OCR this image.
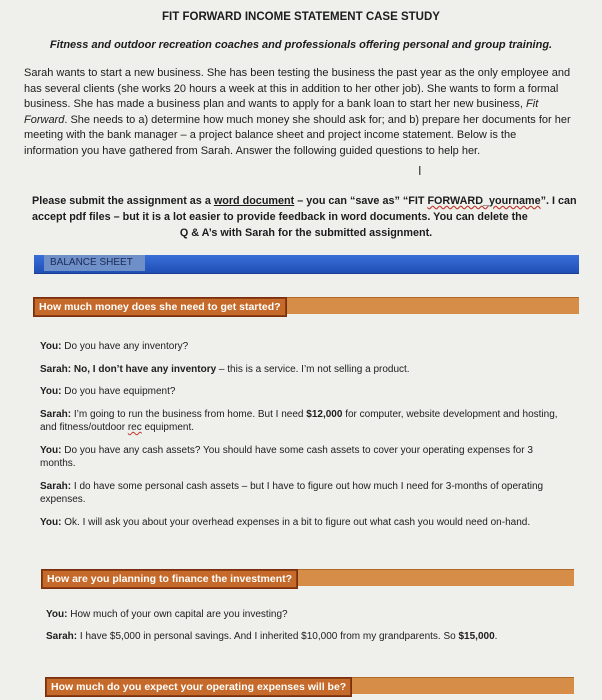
FIT FORWARD INCOME STATEMENT CASE STUDY
Fitness and outdoor recreation coaches and professionals offering personal and group training.

Sarah wants to start a new business. She has been testing the business the past year as the only employee and has several clients (she works 20 hours a week at this in addition to her other job). She wants to form a formal business. She has made a business plan and wants to apply for a bank loan to start her new business, Fit Forward. She needs to a) determine how much money she should ask for; and b) prepare her documents for her meeting with the bank manager – a project balance sheet and project income statement. Below is the information you have gathered from Sarah. Answer the following guided questions to help her.

I
Please submit the assignment as a word document – you can “save as” “FIT FORWARD_yourname”. I can accept pdf files – but it is a lot easier to provide feedback in word documents. You can delete the
Q & A’s with Sarah for the submitted assignment.
BALANCE SHEET
How much money does she need to get started?

You: Do you have any inventory?

Sarah: No, I don’t have any inventory – this is a service. I’m not selling a product.

You: Do you have equipment?

Sarah: I’m going to run the business from home. But I need $12,000 for computer, website development and hosting, and fitness/outdoor rec equipment.

You: Do you have any cash assets? You should have some cash assets to cover your operating expenses for 3 months.

Sarah: I do have some personal cash assets – but I have to figure out how much I need for 3-months of operating expenses.

You: Ok. I will ask you about your overhead expenses in a bit to figure out what cash you would need on-hand.

How are you planning to finance the investment?

You: How much of your own capital are you investing?

Sarah: I have $5,000 in personal savings. And I inherited $10,000 from my grandparents. So $15,000.

How much do you expect your operating expenses will be?
